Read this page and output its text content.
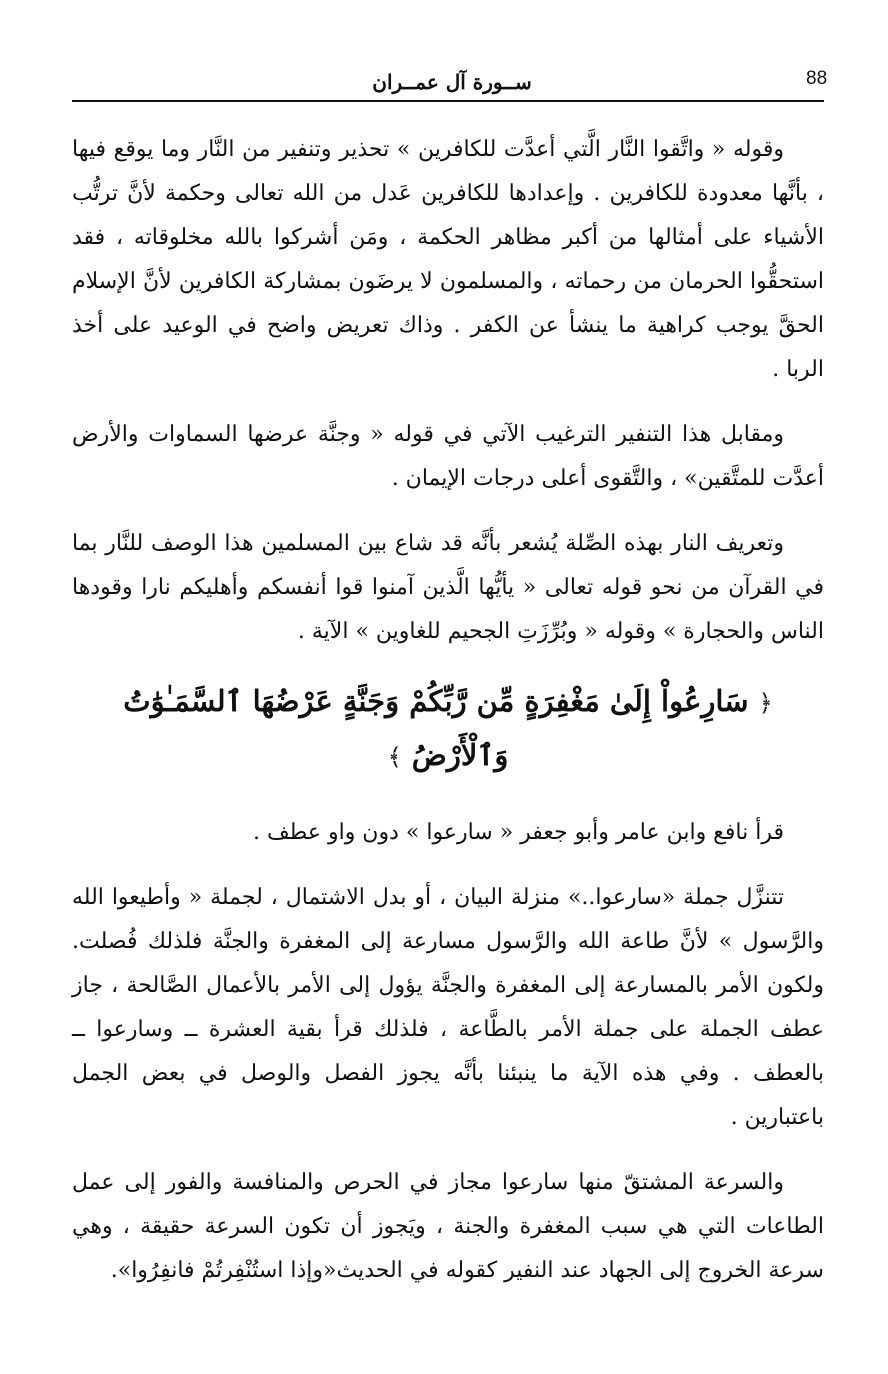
88
ســورة آل عمــران

وقوله « واتَّقوا النَّار الَّتي أعدَّت للكافرين » تحذير وتنفير من النَّار وما يوقع فيها ، بأنَّها معدودة للكافرين . وإعدادها للكافرين عَدل من الله تعالى وحكمة لأنَّ ترتُّب الأشياء على أمثالها من أكبر مظاهر الحكمة ، ومَن أشركوا بالله مخلوقاته ، فقد استحقُّوا الحرمان من رحماته ، والمسلمون لا يرضَون بمشاركة الكافرين لأنَّ الإسلام الحقَّ يوجب كراهية ما ينشأ عن الكفر . وذاك تعريض واضح في الوعيد على أخذ الربا .

ومقابل هذا التنفير الترغيب الآتي في قوله « وجنَّة عرضها السماوات والأرض أعدَّت للمتَّقين» ، والتَّقوى أعلى درجات الإيمان .

وتعريف النار بهذه الصِّلة يُشعر بأنَّه قد شاع بين المسلمين هذا الوصف للنَّار بما في القرآن من نحو قوله تعالى « يأيُّها الَّذين آمنوا قوا أنفسكم وأهليكم نارا وقودها الناس والحجارة » وقوله « وبُرِّزَتِ الجحيم للغاوين » الآية .

﴿ سَارِعُواْ إِلَىٰ مَغْفِرَةٍ مِّن رَّبِّكُمْ وَجَنَّةٍ عَرْضُهَا ٱلسَّمَـٰوَٰتُ وَٱلْأَرْضُ ﴾

قرأ نافع وابن عامر وأبو جعفر « سارعوا » دون واو عطف .

تتنزَّل جملة «سارعوا..» منزلة البيان ، أو بدل الاشتمال ، لجملة « وأطيعوا الله والرَّسول » لأنَّ طاعة الله والرَّسول مسارعة إلى المغفرة والجنَّة فلذلك فُصلت. ولكون الأمر بالمسارعة إلى المغفرة والجنَّة يؤول إلى الأمر بالأعمال الصَّالحة ، جاز عطف الجملة على جملة الأمر بالطَّاعة ، فلذلك قرأ بقية العشرة ــ وسارعوا ــ بالعطف . وفي هذه الآية ما ينبئنا بأنَّه يجوز الفصل والوصل في بعض الجمل باعتبارين .

والسرعة المشتقّ منها سارعوا مجاز في الحرص والمنافسة والفور إلى عمل الطاعات التي هي سبب المغفرة والجنة ، ويَجوز أن تكون السرعة حقيقة ، وهي سرعة الخروج إلى الجهاد عند النفير كقوله في الحديث«وإذا استُنْفِرتُمْ فانفِرُوا».
